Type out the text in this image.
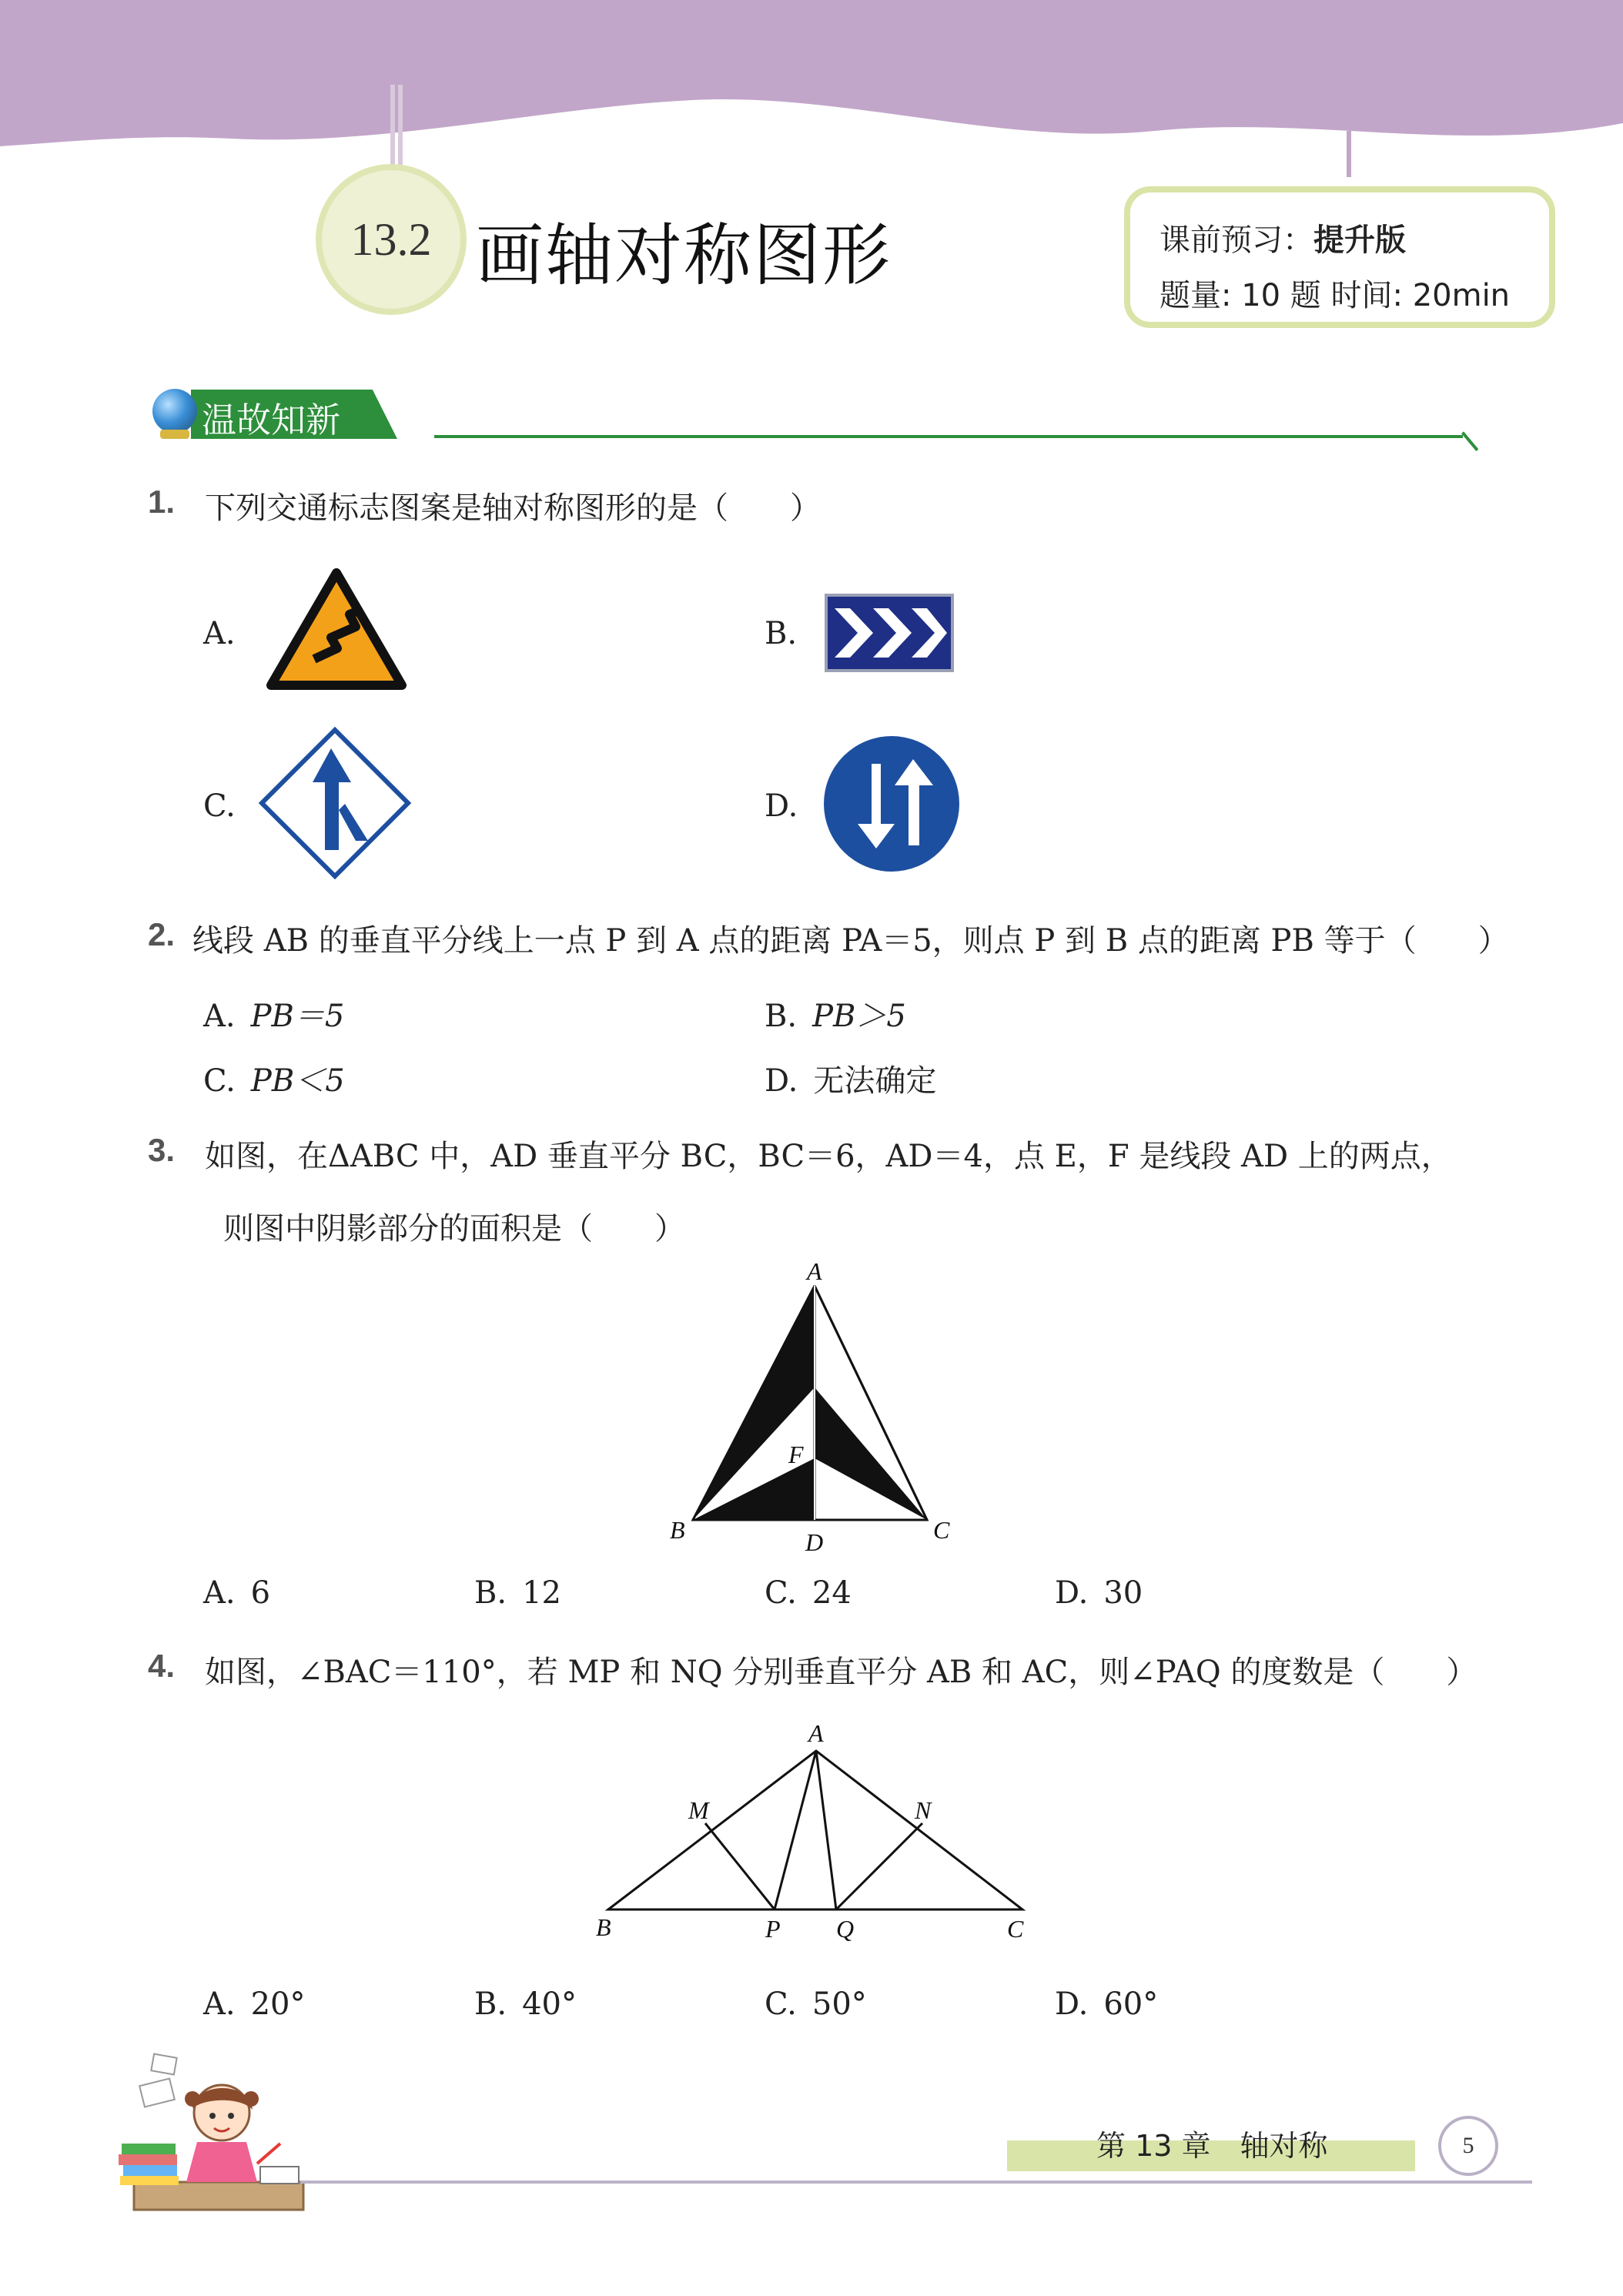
13.2 画轴对称图形	课前预习：提升版
题量: 10 题 时间: 20min
温故知新
1. 下列交通标志图案是轴对称图形的是（　　）
A.	B.
C.	D.
2. 线段 AB 的垂直平分线上一点 P 到 A 点的距离 PA＝5，则点 P 到 B 点的距离 PB 等于（　　）
A.  PB＝5	B.  PB＞5
C.  PB＜5	D.  无法确定
3. 如图，在ΔABC 中，AD 垂直平分 BC，BC＝6，AD＝4，点 E，F 是线段 AD 上的两点，
则图中阴影部分的面积是（　　）
A
B	C
D
E
F
A.  6	B.  12	C.  24	D.  30
4. 如图，∠BAC＝110°，若 MP 和 NQ 分别垂直平分 AB 和 AC，则∠PAQ 的度数是（　　）
A
B	C
M	N
P Q
A.  20°	B.  40°	C.  50°	D.  60°
第 13 章　轴对称	5
